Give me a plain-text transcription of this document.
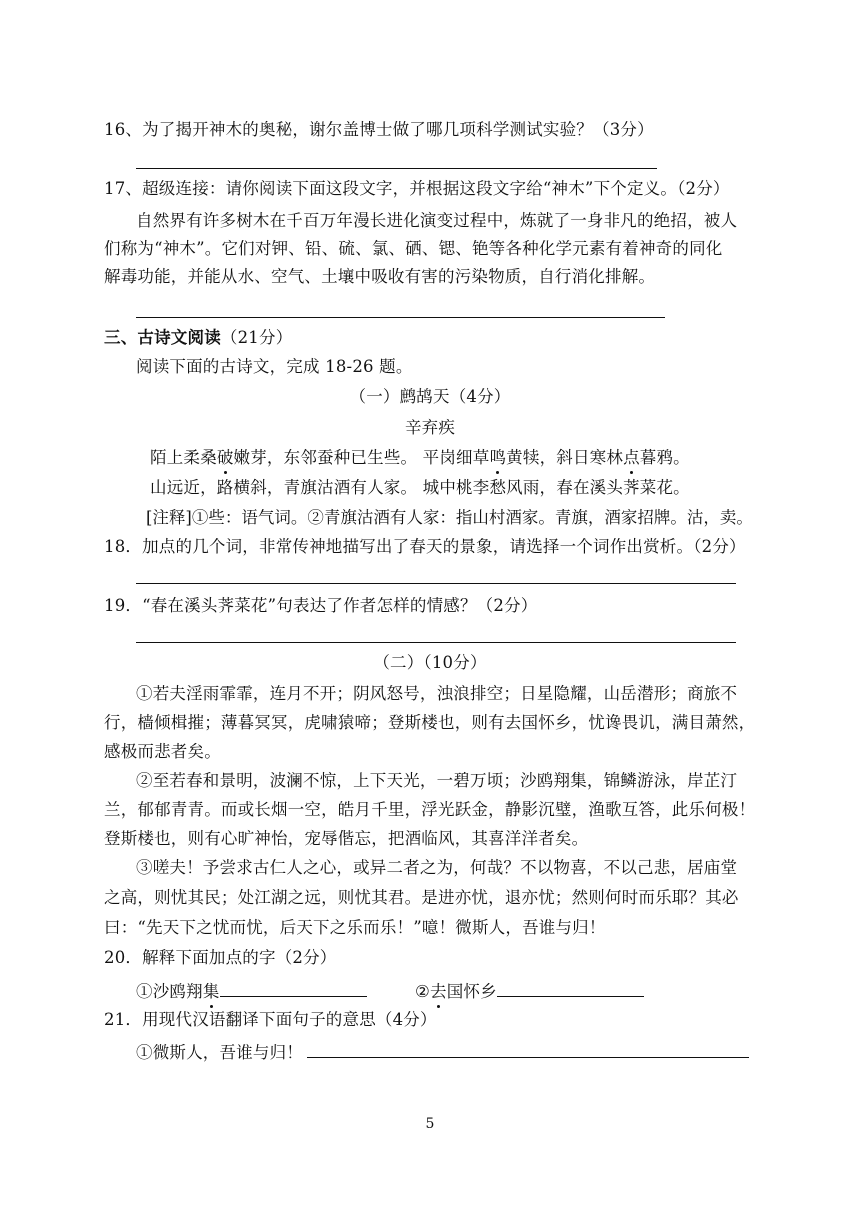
16、为了揭开神木的奥秘，谢尔盖博士做了哪几项科学测试实验？（3分）
17、超级连接：请你阅读下面这段文字，并根据这段文字给“神木”下个定义。（2分）
自然界有许多树木在千百万年漫长进化演变过程中，炼就了一身非凡的绝招，被人
们称为“神木”。它们对钾、铅、硫、氯、硒、锶、铯等各种化学元素有着神奇的同化
解毒功能，并能从水、空气、土壤中吸收有害的污染物质，自行消化排解。
三、古诗文阅读（21分）
阅读下面的古诗文，完成 18-26 题。
（一）鹧鸪天（4分）
辛弃疾
陌上柔桑破嫩芽，东邻蚕种已生些。 平岗细草鸣黄犊，斜日寒林点暮鸦。
山远近，路横斜，青旗沽酒有人家。 城中桃李愁风雨，春在溪头荠菜花。
[注释]①些：语气词。②青旗沽酒有人家：指山村酒家。青旗，酒家招牌。沽，卖。
18．加点的几个词，非常传神地描写出了春天的景象，请选择一个词作出赏析。（2分）
19．“春在溪头荠菜花”句表达了作者怎样的情感？（2分）
（二）（10分）
①若夫淫雨霏霏，连月不开；阴风怒号，浊浪排空；日星隐耀，山岳潜形；商旅不
行，樯倾楫摧；薄暮冥冥，虎啸猿啼；登斯楼也，则有去国怀乡，忧谗畏讥，满目萧然，
感极而悲者矣。
②至若春和景明，波澜不惊，上下天光，一碧万顷；沙鸥翔集，锦鳞游泳，岸芷汀
兰，郁郁青青。而或长烟一空，皓月千里，浮光跃金，静影沉璧，渔歌互答，此乐何极！
登斯楼也，则有心旷神怡，宠辱偕忘，把酒临风，其喜洋洋者矣。
③嗟夫！予尝求古仁人之心，或异二者之为，何哉？不以物喜，不以己悲，居庙堂
之高，则忧其民；处江湖之远，则忧其君。是进亦忧，退亦忧；然则何时而乐耶？其必
曰：“先天下之忧而忧，后天下之乐而乐！”噫！微斯人，吾谁与归！
20．解释下面加点的字（2分）
①沙鸥翔集	②去国怀乡
21．用现代汉语翻译下面句子的意思（4分）
①微斯人，吾谁与归！
5
